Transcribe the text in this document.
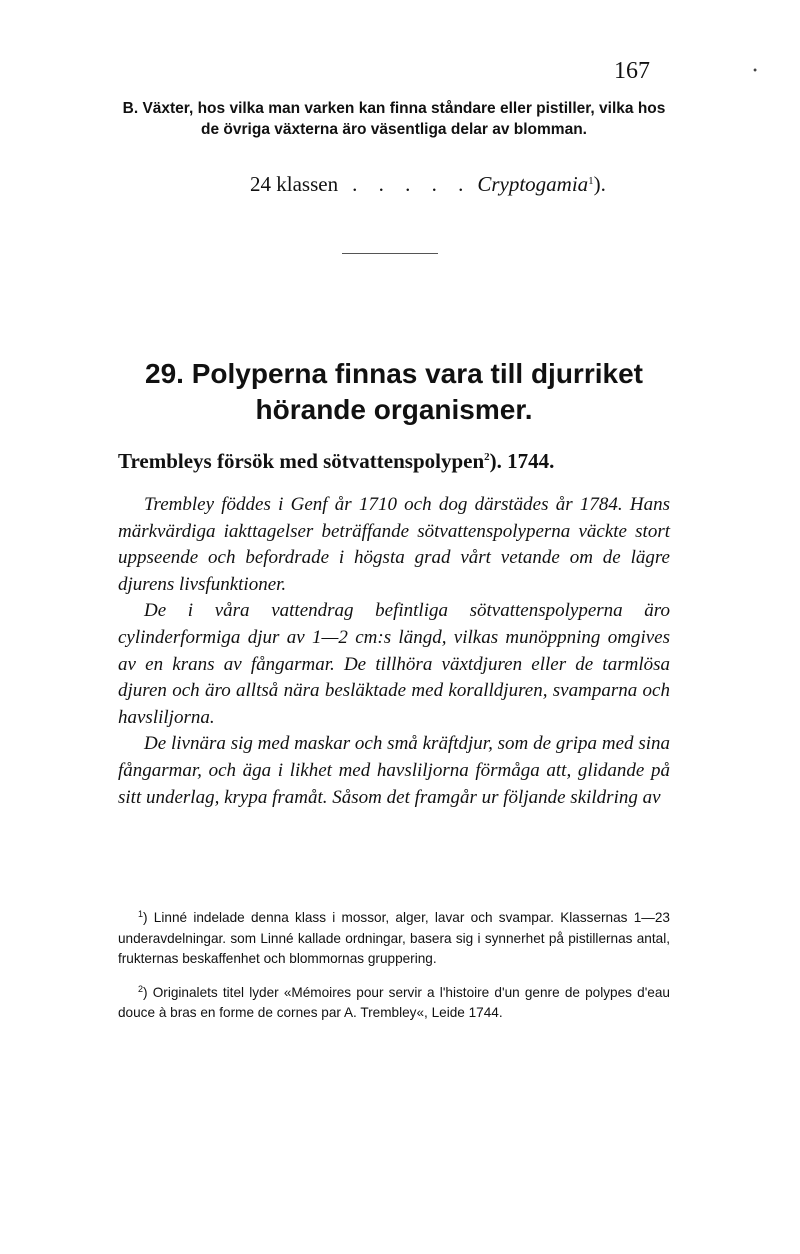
167	•
B. Växter, hos vilka man varken kan finna ståndare eller pistiller, vilka hos de övriga växterna äro väsentliga delar av blomman.
24 klassen . . . . . Cryptogamia$^1$).
29. Polyperna finnas vara till djurriket hörande organismer.
Trembleys försök med sötvattenspolypen$^2$). 1744.

Trembley föddes i Genf år 1710 och dog därstädes år 1784. Hans märkvärdiga iakttagelser beträffande sötvattenspolyperna väckte stort uppseende och befordrade i högsta grad vårt vetande om de lägre djurens livsfunktioner.

De i våra vattendrag befintliga sötvattenspolyperna äro cylinderformiga djur av 1—2 cm:s längd, vilkas munöppning omgives av en krans av fångarmar. De tillhöra växtdjuren eller de tarmlösa djuren och äro alltså nära besläktade med koralldjuren, svamparna och havsliljorna.

De livnära sig med maskar och små kräftdjur, som de gripa med sina fångarmar, och äga i likhet med havsliljorna förmåga att, glidande på sitt underlag, krypa framåt. Såsom det framgår ur följande skildring av

$^1$) Linné indelade denna klass i mossor, alger, lavar och svampar. Klassernas 1—23 underavdelningar. som Linné kallade ordningar, basera sig i synnerhet på pistillernas antal, frukternas beskaffenhet och blommornas gruppering.

$^2$) Originalets titel lyder «Mémoires pour servir a l'histoire d'un genre de polypes d'eau douce à bras en forme de cornes par A. Trembley«, Leide 1744.
